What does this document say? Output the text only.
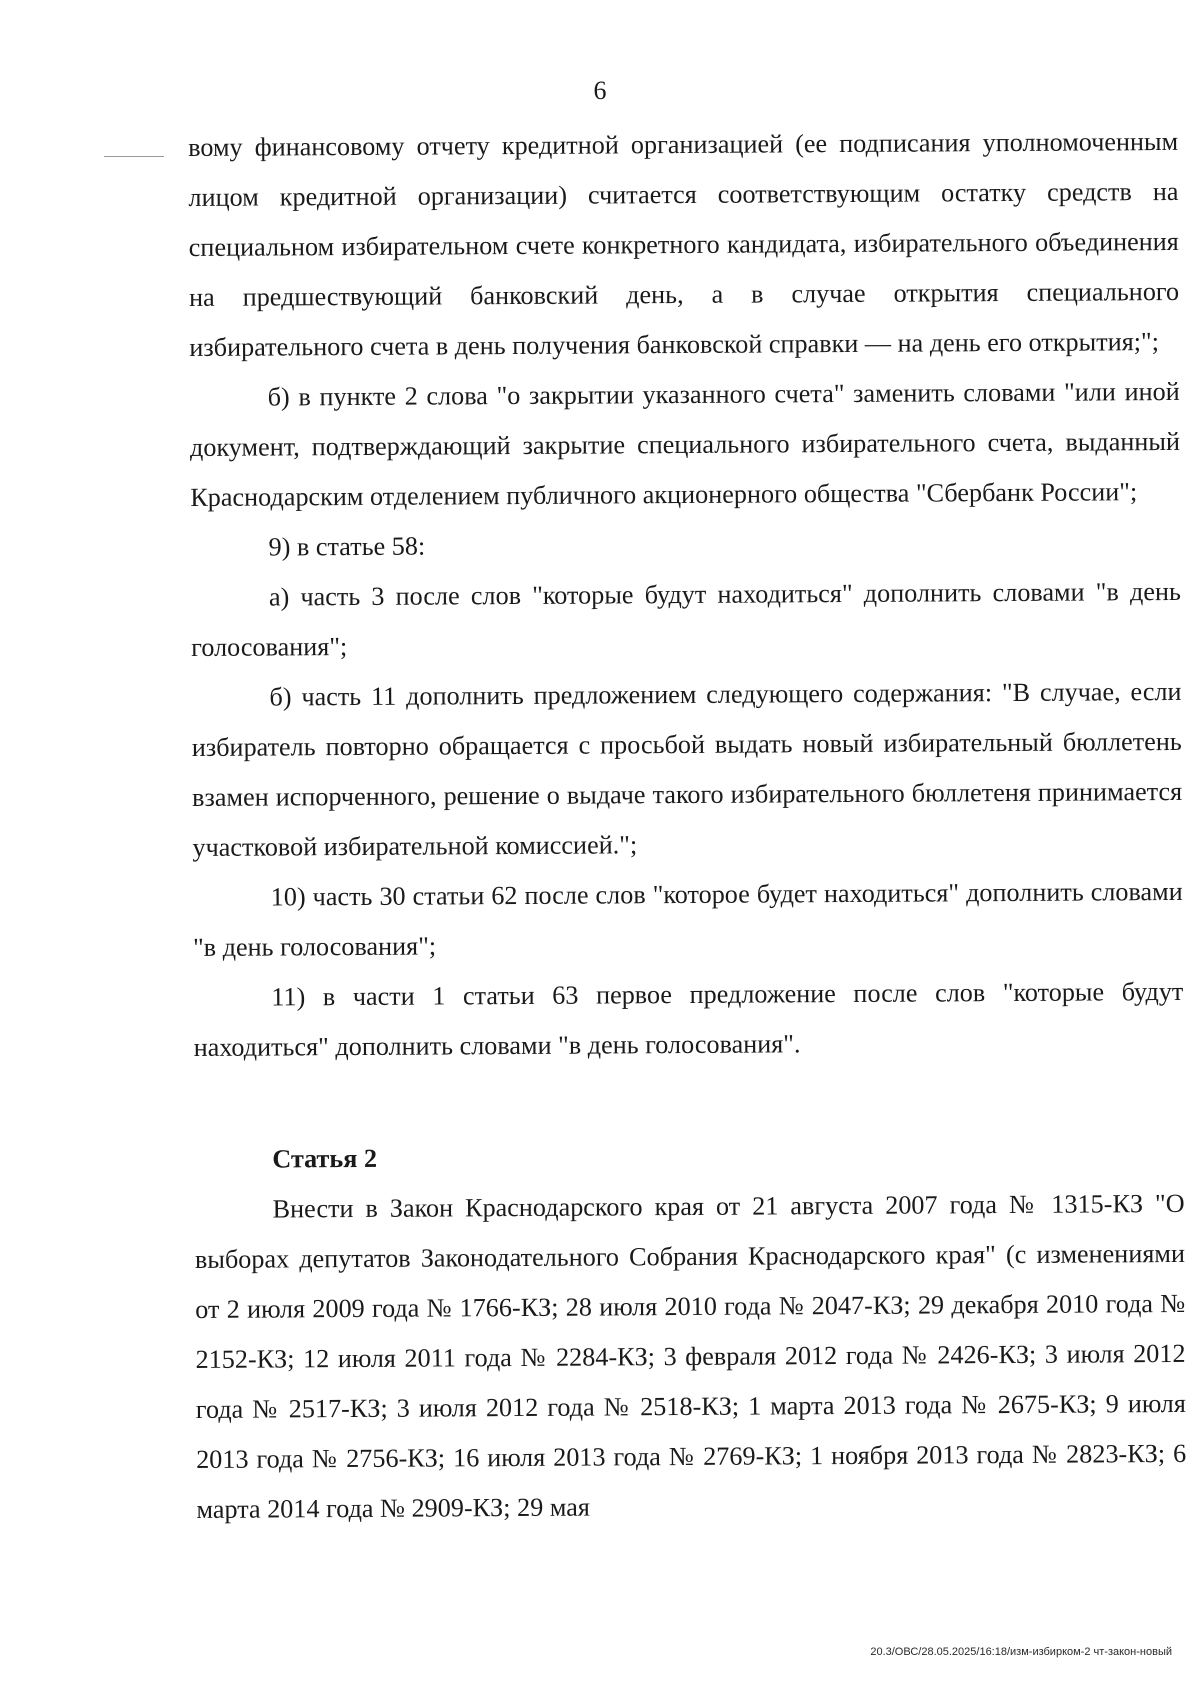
6

вому финансовому отчету кредитной организацией (ее подписания уполномоченным лицом кредитной организации) считается соответствующим остатку средств на специальном избирательном счете конкретного кандидата, избирательного объединения на предшествующий банковский день, а в случае открытия специального избирательного счета в день получения банковской справки — на день его открытия;";

б) в пункте 2 слова "о закрытии указанного счета" заменить словами "или иной документ, подтверждающий закрытие специального избирательного счета, выданный Краснодарским отделением публичного акционерного общества "Сбербанк России";

9) в статье 58:

а) часть 3 после слов "которые будут находиться" дополнить словами "в день голосования";

б) часть 11 дополнить предложением следующего содержания: "В случае, если избиратель повторно обращается с просьбой выдать новый избирательный бюллетень взамен испорченного, решение о выдаче такого избирательного бюллетеня принимается участковой избирательной комиссией.";

10) часть 30 статьи 62 после слов "которое будет находиться" дополнить словами "в день голосования";

11) в части 1 статьи 63 первое предложение после слов "которые будут находиться" дополнить словами "в день голосования".

Статья 2

Внести в Закон Краснодарского края от 21 августа 2007 года № 1315-КЗ "О выборах депутатов Законодательного Собрания Краснодарского края" (с изменениями от 2 июля 2009 года № 1766-КЗ; 28 июля 2010 года № 2047-КЗ; 29 декабря 2010 года № 2152-КЗ; 12 июля 2011 года № 2284-КЗ; 3 февраля 2012 года № 2426-КЗ; 3 июля 2012 года № 2517-КЗ; 3 июля 2012 года № 2518-КЗ; 1 марта 2013 года № 2675-КЗ; 9 июля 2013 года № 2756-КЗ; 16 июля 2013 года № 2769-КЗ; 1 ноября 2013 года № 2823-КЗ; 6 марта 2014 года № 2909-КЗ; 29 мая

20.3/ОВС/28.05.2025/16:18/изм-избирком-2 чт-закон-новый
